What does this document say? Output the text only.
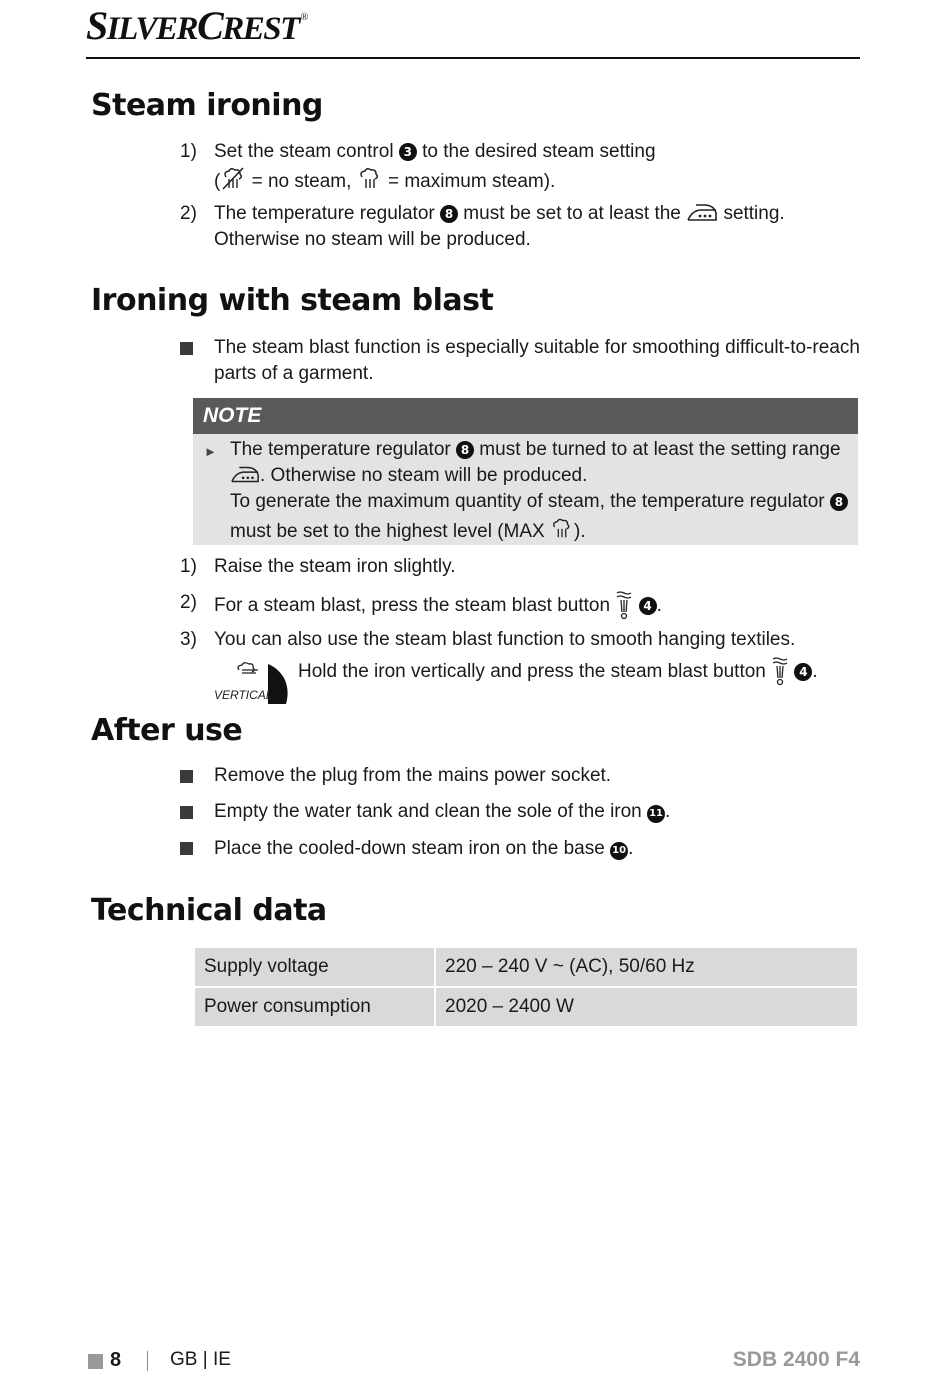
SILVERCREST ®
Steam ironing
1) Set the steam control 3 to the desired steam setting
( = no steam, = maximum steam).
2) The temperature regulator 8 must be set to at least the setting.
Otherwise no steam will be produced.
Ironing with steam blast
The steam blast function is especially suitable for smoothing difficult-to-reach
parts of a garment.
NOTE
► The temperature regulator 8 must be turned to at least the setting range
. Otherwise no steam will be produced.
To generate the maximum quantity of steam, the temperature regulator 8
must be set to the highest level (MAX ).
1) Raise the steam iron slightly.
2) For a steam blast, press the steam blast button	4 .
3) You can also use the steam blast function to smooth hanging textiles.
VERTICAL
Hold the iron vertically and press the steam blast button	4 .
After use
Remove the plug from the mains power socket.
Empty the water tank and clean the sole of the iron 11 .
Place the cooled-down steam iron on the base 10 .
Technical data
Supply voltage	220 – 240 V ~ (AC), 50/60 Hz
Power consumption	2020 – 2400 W
8	GB | IE	SDB 2400 F4
